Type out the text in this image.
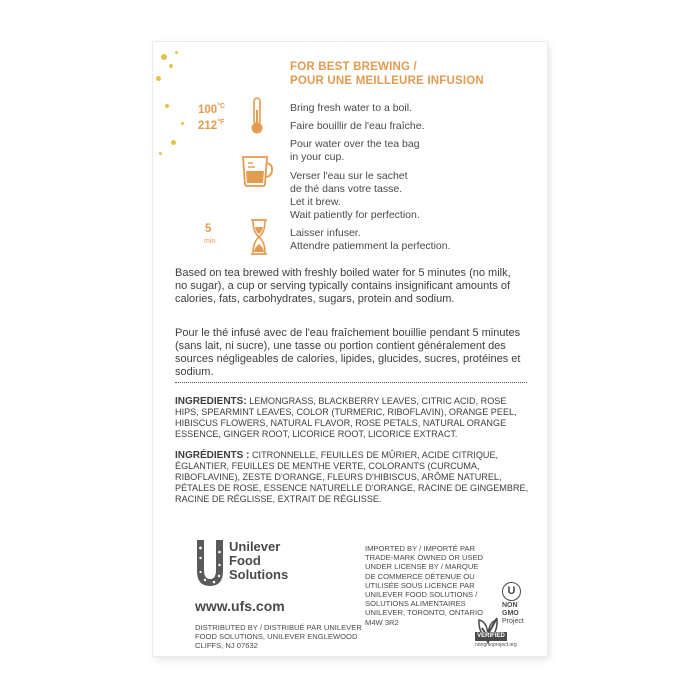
FOR BEST BREWING /
POUR UNE MEILLEURE INFUSION
$100_{^\circ C}$
$212_{^\circ F}$
Bring fresh water to a boil.
Faire bouillir de l'eau fraîche.
Pour water over the tea bag
in your cup.
Verser l'eau sur le sachet
de thé dans votre tasse.
5
min
Let it brew.
Wait patiently for perfection.
Laisser infuser.
Attendre patiemment la perfection.
Based on tea brewed with freshly boiled water for 5 minutes (no milk, no sugar), a cup or serving typically contains insignificant amounts of calories, fats, carbohydrates, sugars, protein and sodium.
Pour le thé infusé avec de l'eau fraîchement bouillie pendant 5 minutes (sans lait, ni sucre), une tasse ou portion contient généralement des sources négligeables de calories, lipides, glucides, sucres, protéines et sodium.
INGREDIENTS: LEMONGRASS, BLACKBERRY LEAVES, CITRIC ACID, ROSE HIPS, SPEARMINT LEAVES, COLOR (TURMERIC, RIBOFLAVIN), ORANGE PEEL, HIBISCUS FLOWERS, NATURAL FLAVOR, ROSE PETALS, NATURAL ORANGE ESSENCE, GINGER ROOT, LICORICE ROOT, LICORICE EXTRACT.
INGRÉDIENTS : CITRONNELLE, FEUILLES DE MÛRIER, ACIDE CITRIQUE, ÉGLANTIER, FEUILLES DE MENTHE VERTE, COLORANTS (CURCUMA, RIBOFLAVINE), ZESTE D'ORANGE, FLEURS D'HIBISCUS, ARÔME NATUREL, PÉTALES DE ROSE, ESSENCE NATURELLE D'ORANGE, RACINE DE GINGEMBRE, RACINE DE RÉGLISSE, EXTRAIT DE RÉGLISSE.
Unilever
Food
Solutions
www.ufs.com
DISTRIBUTED BY / DISTRIBUÉ PAR UNILEVER FOOD SOLUTIONS, UNILEVER ENGLEWOOD CLIFFS, NJ 07632
IMPORTED BY / IMPORTÉ PAR TRADE-MARK OWNED OR USED UNDER LICENSE BY / MARQUE DE COMMERCE DÉTENUE OU UTILISÉE SOUS LICENCE PAR UNILEVER FOOD SOLUTIONS / SOLUTIONS ALIMENTAIRES UNILEVER, TORONTO, ONTARIO M4W 3R2
U
NON
GMO
Project
VERIFIED
nongmoproject.org
